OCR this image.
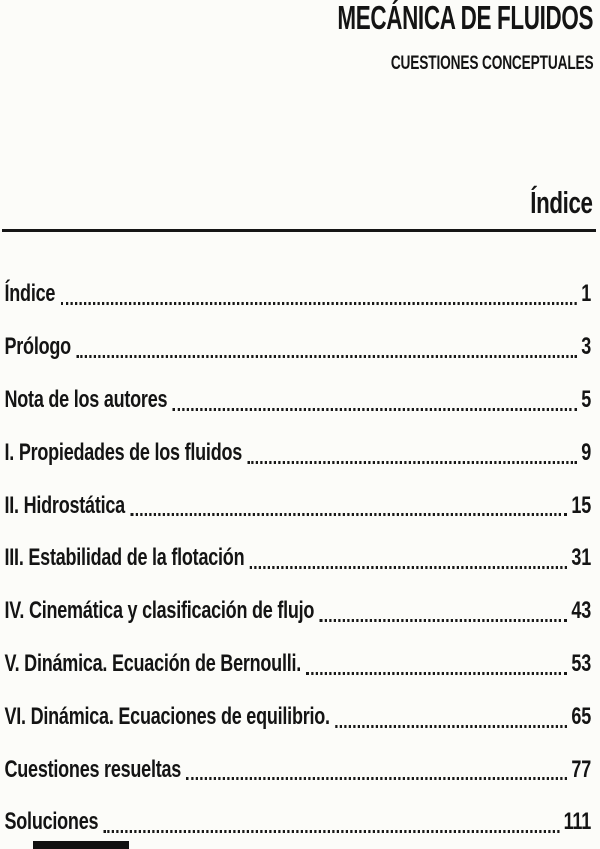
MECÁNICA DE FLUIDOS
CUESTIONES CONCEPTUALES
Índice
Índice	1
Prólogo	3
Nota de los autores	5
I. Propiedades de los fluidos	9
II. Hidrostática	15
III. Estabilidad de la flotación	31
IV. Cinemática y clasificación de flujo	43
V. Dinámica. Ecuación de Bernoulli.	53
VI. Dinámica. Ecuaciones de equilibrio.	65
Cuestiones resueltas	77
Soluciones	111
